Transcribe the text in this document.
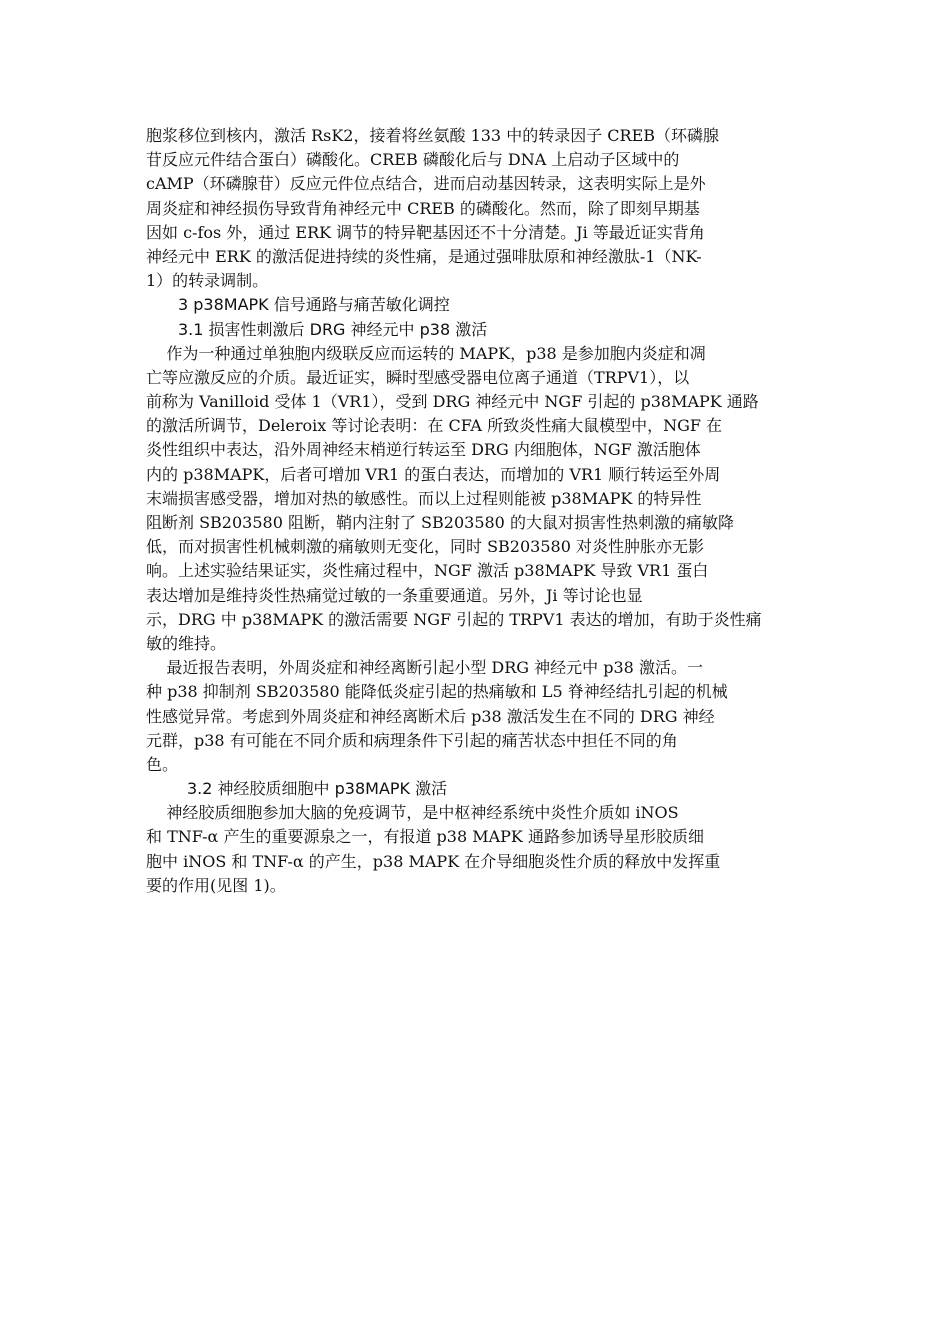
胞浆移位到核内，激活 RsK2，接着将丝氨酸 133 中的转录因子 CREB（环磷腺
苷反应元件结合蛋白）磷酸化。CREB 磷酸化后与 DNA 上启动子区域中的
cAMP（环磷腺苷）反应元件位点结合，进而启动基因转录，这表明实际上是外
周炎症和神经损伤导致背角神经元中 CREB 的磷酸化。然而，除了即刻早期基
因如 c-fos 外，通过 ERK 调节的特异靶基因还不十分清楚。Ji 等最近证实背角
神经元中 ERK 的激活促进持续的炎性痛，是通过强啡肽原和神经激肽-1（NK-
1）的转录调制。
3 p38MAPK 信号通路与痛苦敏化调控
3.1 损害性刺激后 DRG 神经元中 p38 激活
作为一种通过单独胞内级联反应而运转的 MAPK，p38 是参加胞内炎症和凋
亡等应激反应的介质。最近证实，瞬时型感受器电位离子通道（TRPV1），以
前称为 Vanilloid 受体 1（VR1），受到 DRG 神经元中 NGF 引起的 p38MAPK 通路
的激活所调节，Deleroix 等讨论表明：在 CFA 所致炎性痛大鼠模型中，NGF 在
炎性组织中表达，沿外周神经末梢逆行转运至 DRG 内细胞体，NGF 激活胞体
内的 p38MAPK，后者可增加 VR1 的蛋白表达，而增加的 VR1 顺行转运至外周
末端损害感受器，增加对热的敏感性。而以上过程则能被 p38MAPK 的特异性
阻断剂 SB203580 阻断，鞘内注射了 SB203580 的大鼠对损害性热刺激的痛敏降
低，而对损害性机械刺激的痛敏则无变化，同时 SB203580 对炎性肿胀亦无影
响。上述实验结果证实，炎性痛过程中，NGF 激活 p38MAPK 导致 VR1 蛋白
表达增加是维持炎性热痛觉过敏的一条重要通道。另外，Ji 等讨论也显
示，DRG 中 p38MAPK 的激活需要 NGF 引起的 TRPV1 表达的增加，有助于炎性痛
敏的维持。
最近报告表明，外周炎症和神经离断引起小型 DRG 神经元中 p38 激活。一
种 p38 抑制剂 SB203580 能降低炎症引起的热痛敏和 L5 脊神经结扎引起的机械
性感觉异常。考虑到外周炎症和神经离断术后 p38 激活发生在不同的 DRG 神经
元群，p38 有可能在不同介质和病理条件下引起的痛苦状态中担任不同的角
色。
3.2 神经胶质细胞中 p38MAPK 激活
神经胶质细胞参加大脑的免疫调节，是中枢神经系统中炎性介质如 iNOS
和 TNF-α 产生的重要源泉之一，有报道 p38 MAPK 通路参加诱导星形胶质细
胞中 iNOS 和 TNF-α 的产生，p38 MAPK 在介导细胞炎性介质的释放中发挥重
要的作用(见图 1)。
